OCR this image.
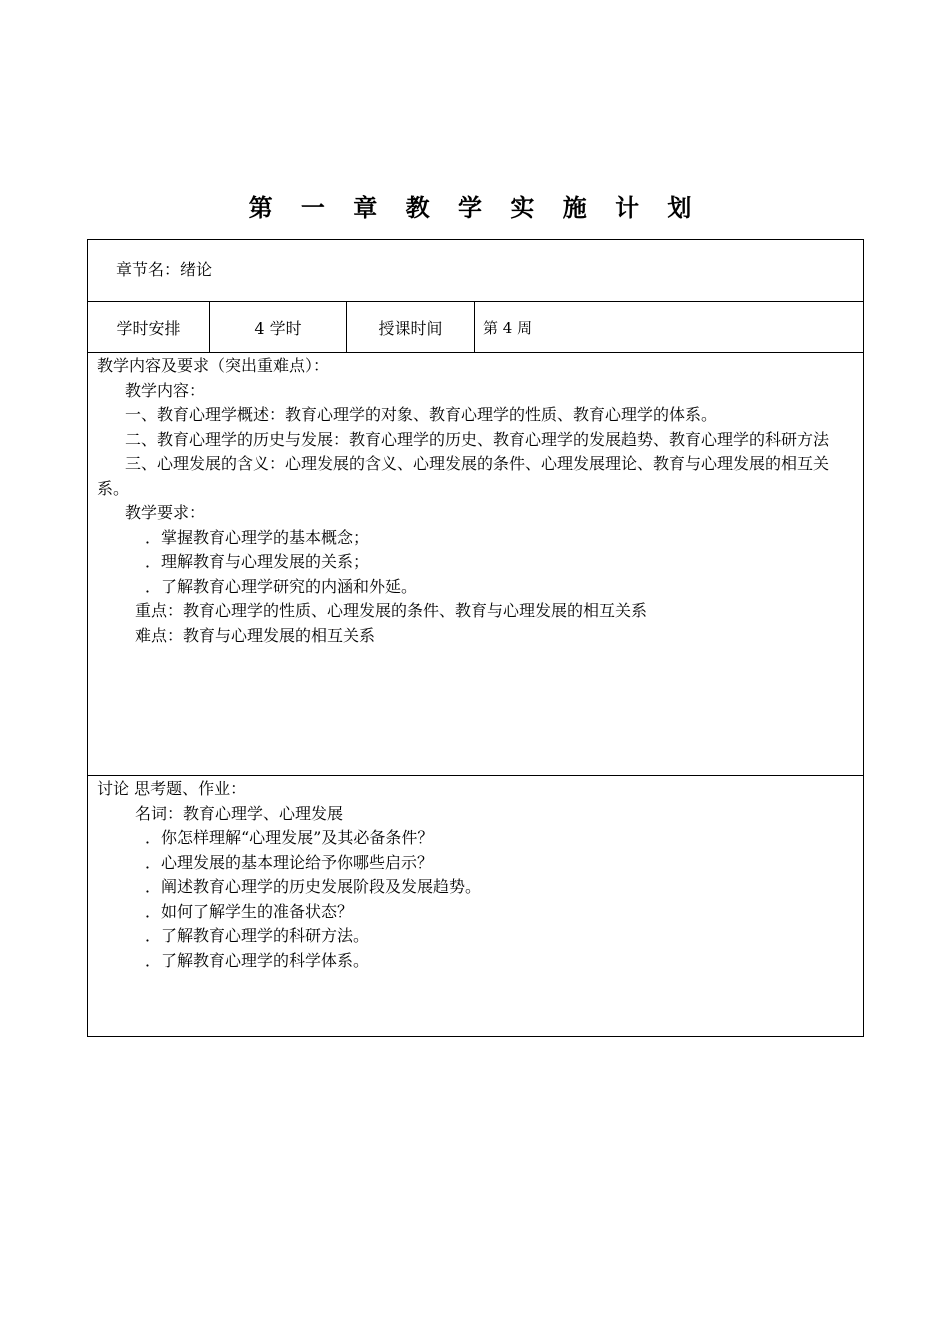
第 一 章 教 学 实 施 计 划
章节名：绪论
学时安排	4 学时	授课时间	第 4 周
教学内容及要求（突出重难点）：
教学内容：
一、教育心理学概述：教育心理学的对象、教育心理学的性质、教育心理学的体系。
二、教育心理学的历史与发展：教育心理学的历史、教育心理学的发展趋势、教育心理学的科研方法
三、心理发展的含义：心理发展的含义、心理发展的条件、心理发展理论、教育与心理发展的相互关系。
教学要求：
．掌握教育心理学的基本概念；
．理解教育与心理发展的关系；
．了解教育心理学研究的内涵和外延。
重点：教育心理学的性质、心理发展的条件、教育与心理发展的相互关系
难点：教育与心理发展的相互关系
讨论 思考题、作业：
名词：教育心理学、心理发展
．你怎样理解“心理发展”及其必备条件？
．心理发展的基本理论给予你哪些启示？
．阐述教育心理学的历史发展阶段及发展趋势。
．如何了解学生的准备状态？
．了解教育心理学的科研方法。
．了解教育心理学的科学体系。
